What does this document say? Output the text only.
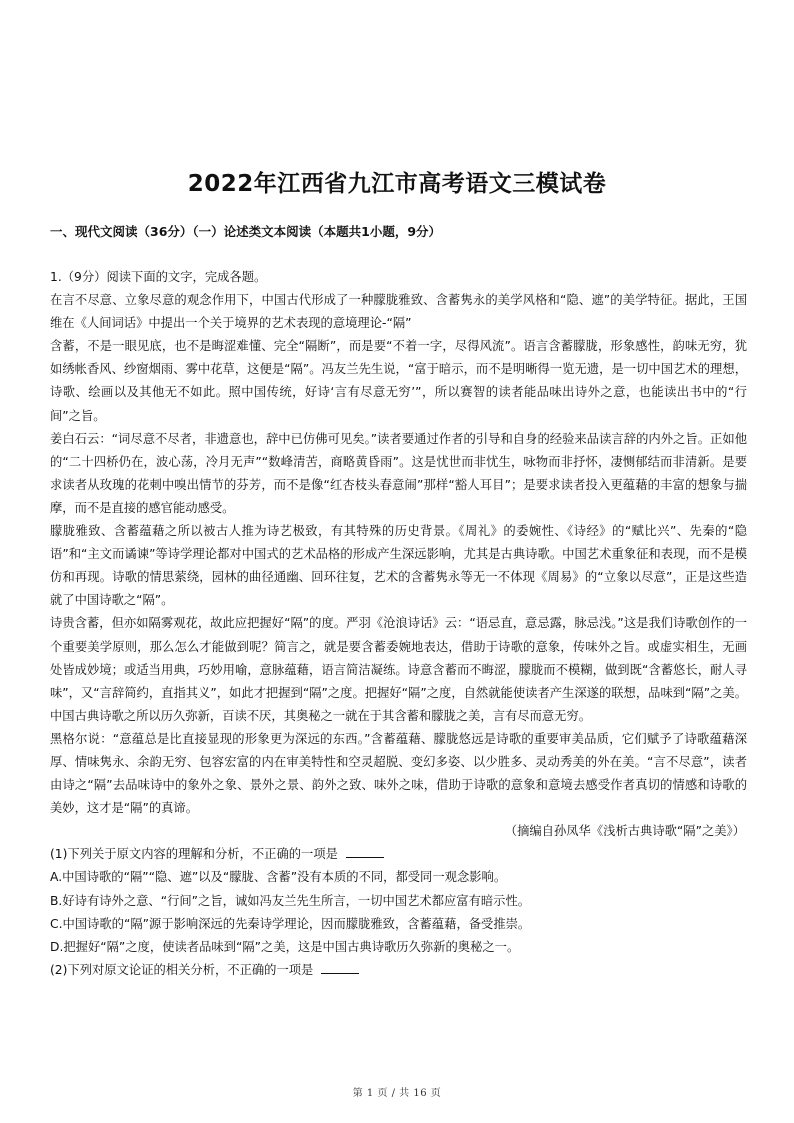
2022年江西省九江市高考语文三模试卷
一、现代文阅读（36分）（一）论述类文本阅读（本题共1小题，9分）

1.（9分）阅读下面的文字，完成各题。

在言不尽意、立象尽意的观念作用下，中国古代形成了一种朦胧雅致、含蓄隽永的美学风格和“隐、遮”的美学特征。据此，王国维在《人间词话》中提出一个关于境界的艺术表现的意境理论-“隔”

含蓄，不是一眼见底，也不是晦涩难懂、完全“隔断”，而是要“不着一字，尽得风流”。语言含蓄朦胧，形象感性，韵味无穷，犹如绣帐香风、纱窗烟雨、雾中花草，这便是“隔”。冯友兰先生说，“富于暗示，而不是明晰得一览无遗，是一切中国艺术的理想，诗歌、绘画以及其他无不如此。照中国传统，好诗‘言有尽意无穷’”，所以赛智的读者能品味出诗外之意，也能读出书中的“行间”之旨。

姜白石云：“词尽意不尽者，非遗意也，辞中已仿佛可见矣。”读者要通过作者的引导和自身的经验来品读言辞的内外之旨。正如他的“二十四桥仍在，波心荡，冷月无声”“数峰清苦，商略黄昏雨”。这是忧世而非忧生，咏物而非抒怀，凄恻郁结而非清新。是要求读者从玫瑰的花刺中嗅出情节的芬芳，而不是像“红杏枝头春意闹”那样“豁人耳目”；是要求读者投入更蕴藉的丰富的想象与揣摩，而不是直接的感官能动感受。

朦胧雅致、含蓄蕴藉之所以被古人推为诗艺极致，有其特殊的历史背景。《周礼》的委婉性、《诗经》的“赋比兴”、先秦的“隐语”和“主文而谲谏”等诗学理论都对中国式的艺术品格的形成产生深远影响，尤其是古典诗歌。中国艺术重象征和表现，而不是模仿和再现。诗歌的情思萦绕，园林的曲径通幽、回环往复，艺术的含蓄隽永等无一不体现《周易》的“立象以尽意”，正是这些造就了中国诗歌之“隔”。

诗贵含蓄，但亦如隔雾观花，故此应把握好“隔”的度。严羽《沧浪诗话》云：“语忌直，意忌露，脉忌浅。”这是我们诗歌创作的一个重要美学原则，那么怎么才能做到呢？简言之，就是要含蓄委婉地表达，借助于诗歌的意象，传味外之旨。或虚实相生，无画处皆成妙境；或适当用典，巧妙用喻，意脉蕴藉，语言简洁凝练。诗意含蓄而不晦涩，朦胧而不模糊，做到既“含蓄悠长，耐人寻味”，又“言辞简约，直指其义”，如此才把握到“隔”之度。把握好“隔”之度，自然就能使读者产生深遂的联想，品味到“隔”之美。中国古典诗歌之所以历久弥新，百读不厌，其奥秘之一就在于其含蓄和朦胧之美，言有尽而意无穷。

黑格尔说：“意蕴总是比直接显现的形象更为深远的东西。”含蓄蕴藉、朦胧悠远是诗歌的重要审美品质，它们赋予了诗歌蕴藉深厚、情味隽永、余韵无穷、包容宏富的内在审美特性和空灵超脱、变幻多姿、以少胜多、灵动秀美的外在美。“言不尽意”，读者由诗之“隔”去品味诗中的象外之象、景外之景、韵外之致、味外之味，借助于诗歌的意象和意境去感受作者真切的情感和诗歌的美妙，这才是“隔”的真谛。

（摘编自孙凤华《浅析古典诗歌“隔”之美》）

(1)下列关于原文内容的理解和分析，不正确的一项是

A.中国诗歌的“隔”“隐、遮”以及“朦胧、含蓄”没有本质的不同，都受同一观念影响。

B.好诗有诗外之意、“行间”之旨，诚如冯友兰先生所言，一切中国艺术都应富有暗示性。

C.中国诗歌的“隔”源于影响深远的先秦诗学理论，因而朦胧雅致，含蓄蕴藉，备受推崇。

D.把握好“隔”之度，使读者品味到“隔”之美，这是中国古典诗歌历久弥新的奥秘之一。

(2)下列对原文论证的相关分析，不正确的一项是

第 1 页 / 共 16 页
